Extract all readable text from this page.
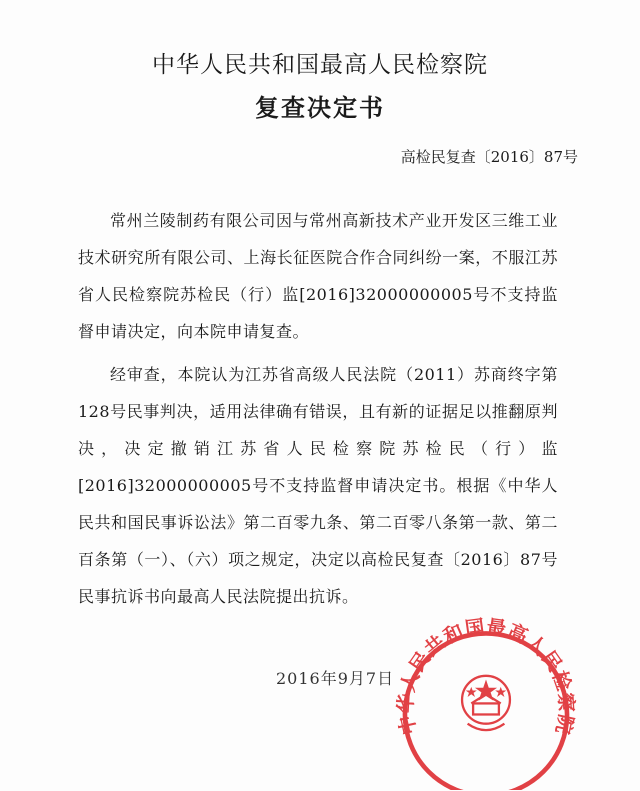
中华人民共和国最高人民检察院
复查决定书
高检民复查〔2016〕87号

常州兰陵制药有限公司因与常州高新技术产业开发区三维工业技术研究所有限公司、上海长征医院合作合同纠纷一案，不服江苏省人民检察院苏检民（行）监[2016]32000000005号不支持监督申请决定，向本院申请复查。

经审查，本院认为江苏省高级人民法院（2011）苏商终字第128号民事判决，适用法律确有错误，且有新的证据足以推翻原判决，决定撤销江苏省人民检察院苏检民（行）监[2016]32000000005号不支持监督申请决定书。根据《中华人民共和国民事诉讼法》第二百零九条、第二百零八条第一款、第二百条第（一）、（六）项之规定，决定以高检民复查〔2016〕87号民事抗诉书向最高人民法院提出抗诉。

2016年9月7日
中华人民共和国最高人民检察院
